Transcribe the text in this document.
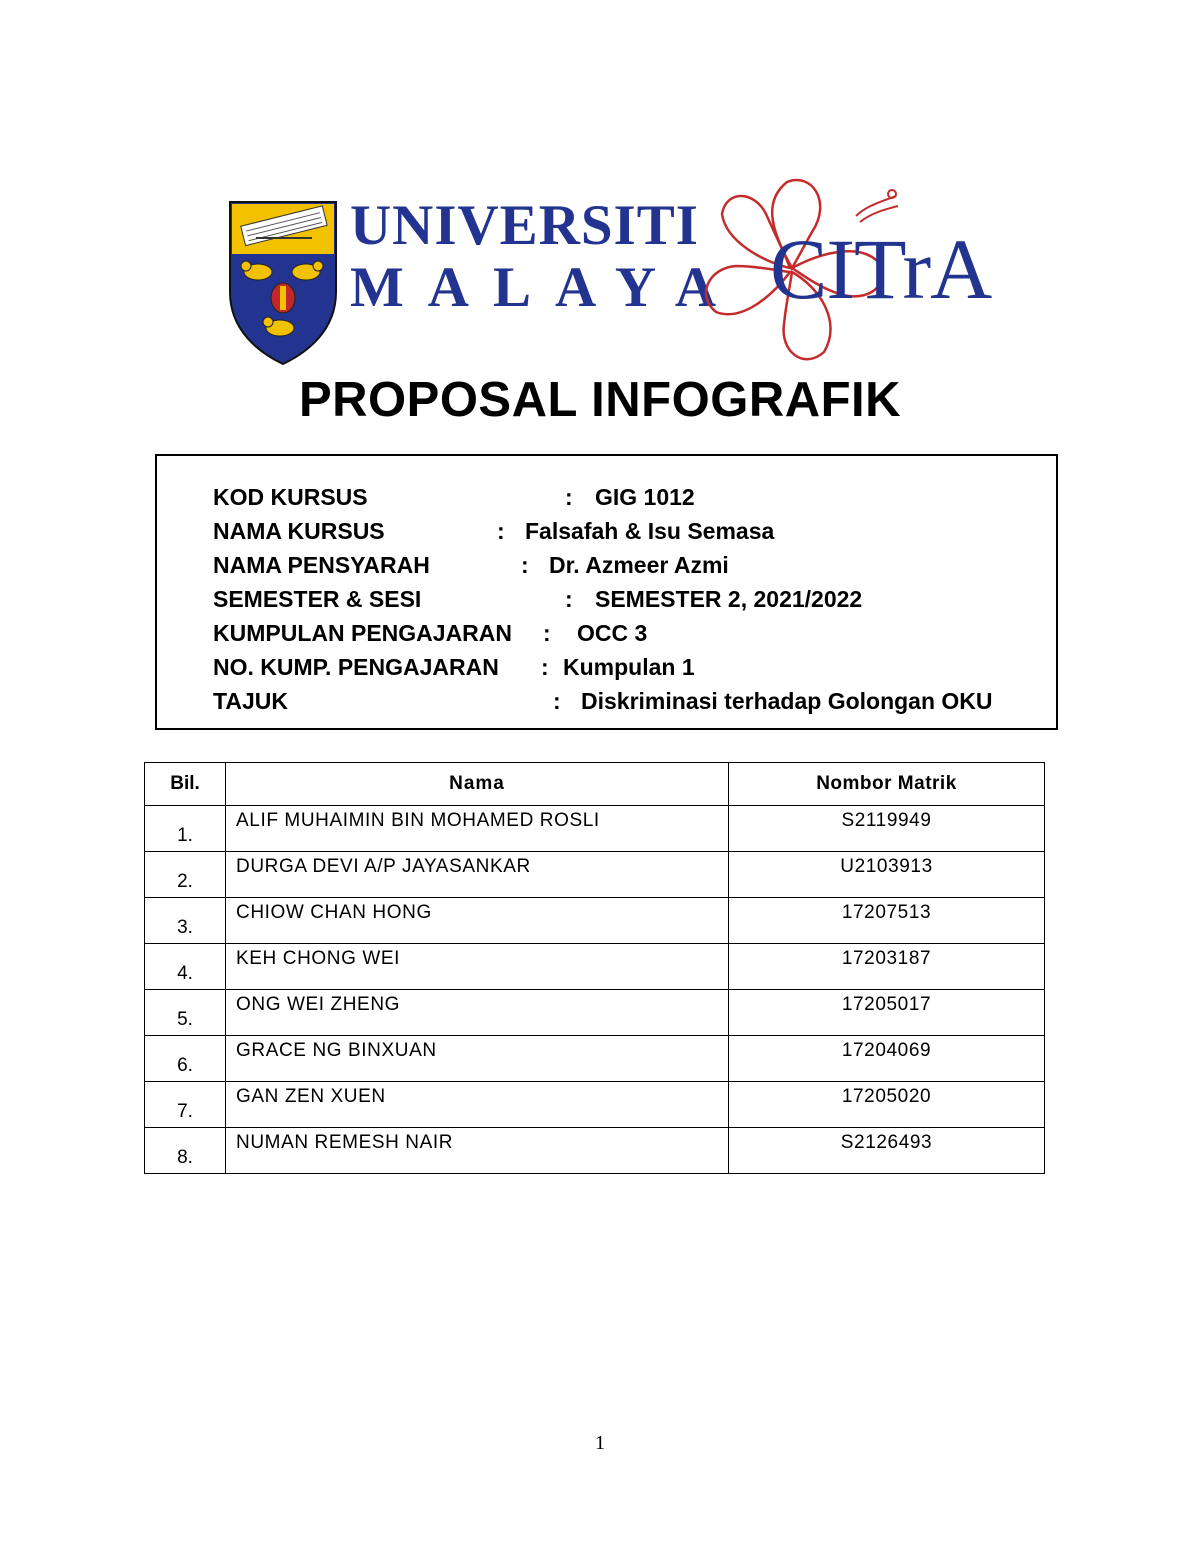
UNIVERSITI
MALAYA CITrA
PROPOSAL INFOGRAFIK
KOD KURSUS	: GIG 1012
NAMA KURSUS	: Falsafah & Isu Semasa
NAMA PENSYARAH	: Dr. Azmeer Azmi
SEMESTER & SESI	: SEMESTER 2, 2021/2022
KUMPULAN PENGAJARAN : OCC 3
NO. KUMP. PENGAJARAN : Kumpulan 1
TAJUK	: Diskriminasi terhadap Golongan OKU
Bil.	Nama	Nombor Matrik
1.	ALIF MUHAIMIN BIN MOHAMED ROSLI	S2119949
2.	DURGA DEVI A/P JAYASANKAR	U2103913
3.	CHIOW CHAN HONG	17207513
4.	KEH CHONG WEI	17203187
5.	ONG WEI ZHENG	17205017
6.	GRACE NG BINXUAN	17204069
7.	GAN ZEN XUEN	17205020
8.	NUMAN REMESH NAIR	S2126493
1
